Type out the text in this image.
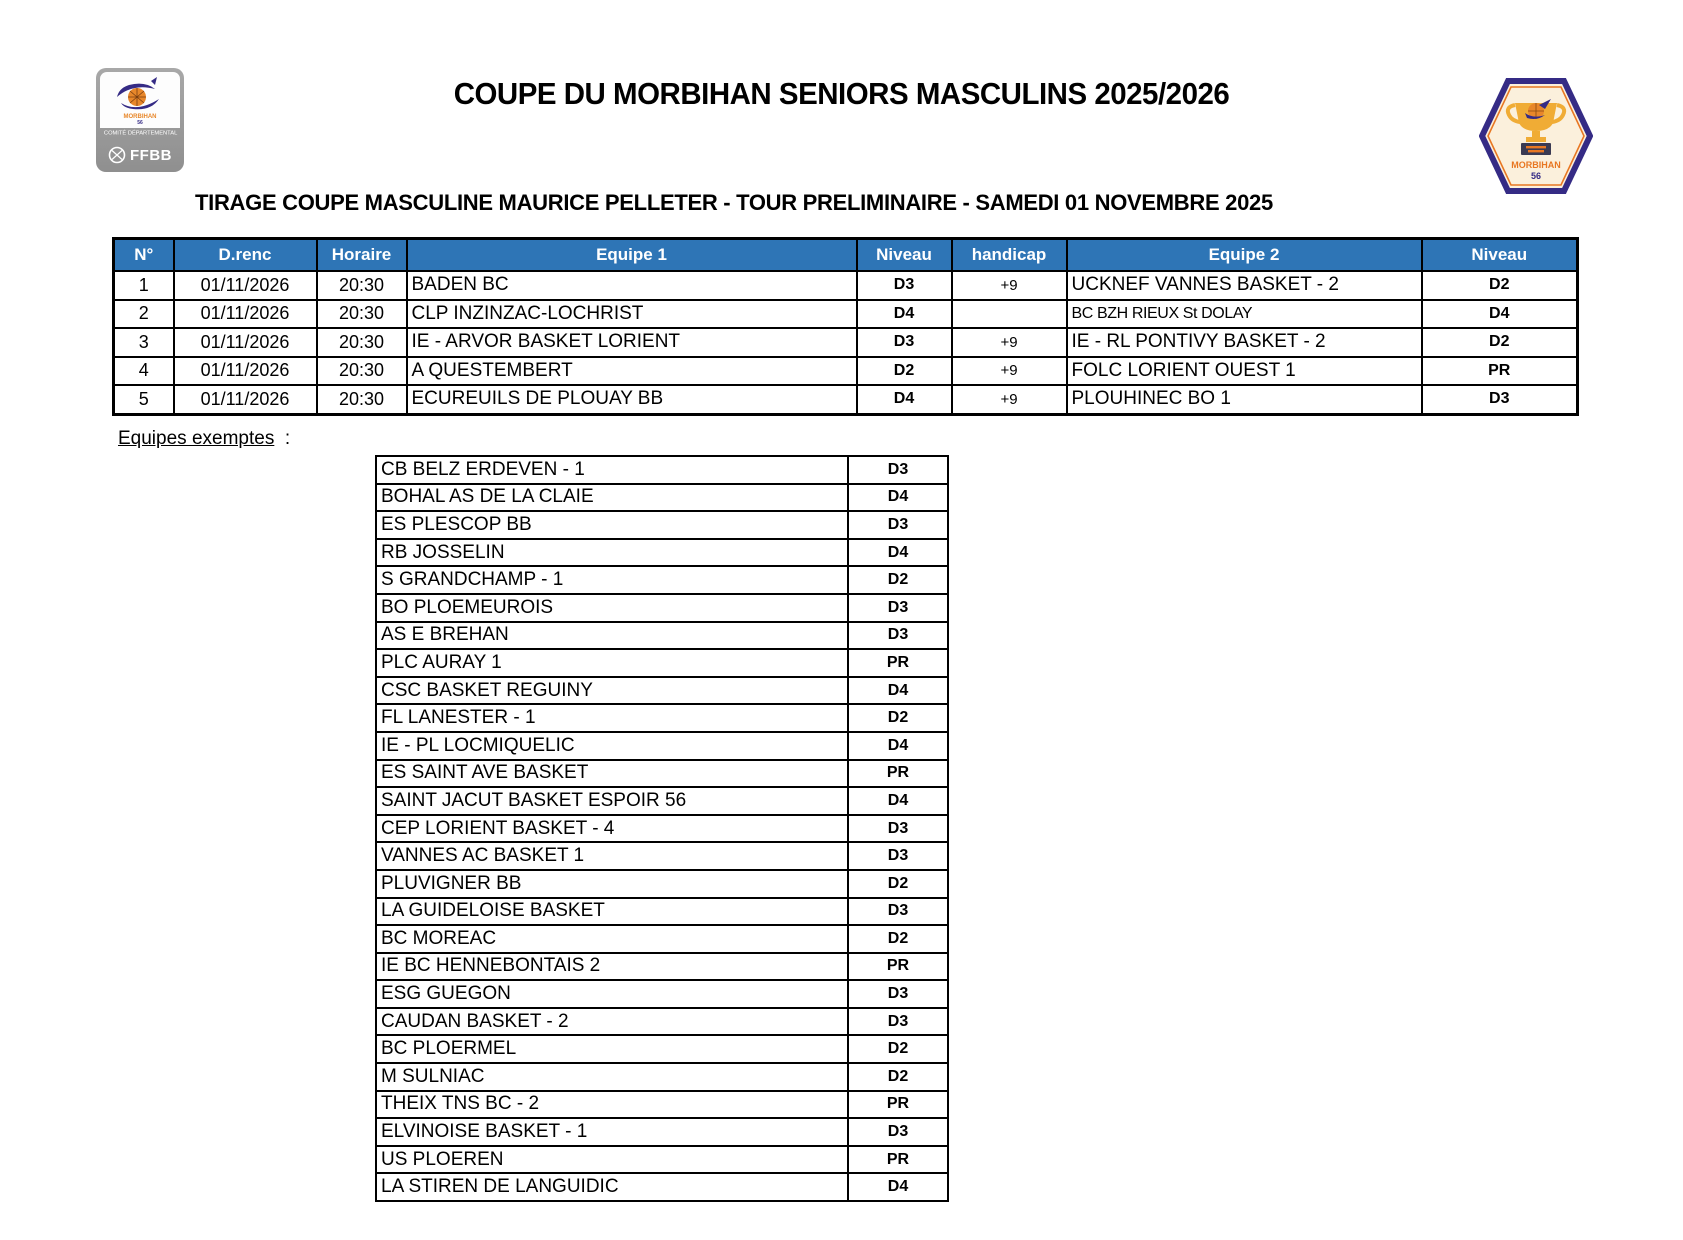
MORBIHAN
56
COMITÉ DÉPARTEMENTAL
FFBB
COUPE DU MORBIHAN SENIORS MASCULINS 2025/2026
MORBIHAN
56
TIRAGE COUPE MASCULINE MAURICE PELLETER - TOUR PRELIMINAIRE - SAMEDI 01 NOVEMBRE 2025
N°	D.renc	Horaire	Equipe 1	Niveau	handicap	Equipe 2	Niveau
1	01/11/2026	20:30	BADEN BC	D3	+9	UCKNEF VANNES BASKET - 2	D2
2	01/11/2026	20:30	CLP INZINZAC-LOCHRIST	D4		BC BZH RIEUX St DOLAY	D4
3	01/11/2026	20:30	IE - ARVOR BASKET LORIENT	D3	+9	IE - RL PONTIVY BASKET - 2	D2
4	01/11/2026	20:30	A QUESTEMBERT	D2	+9	FOLC LORIENT OUEST 1	PR
5	01/11/2026	20:30	ECUREUILS DE PLOUAY BB	D4	+9	PLOUHINEC BO 1	D3
Equipes exemptes :
CB BELZ ERDEVEN - 1	D3
BOHAL AS DE LA CLAIE	D4
ES PLESCOP BB	D3
RB JOSSELIN	D4
S GRANDCHAMP - 1	D2
BO PLOEMEUROIS	D3
AS E BREHAN	D3
PLC AURAY 1	PR
CSC BASKET REGUINY	D4
FL LANESTER - 1	D2
IE - PL LOCMIQUELIC	D4
ES SAINT AVE BASKET	PR
SAINT JACUT BASKET ESPOIR 56	D4
CEP LORIENT BASKET - 4	D3
VANNES AC BASKET 1	D3
PLUVIGNER BB	D2
LA GUIDELOISE BASKET	D3
BC MOREAC	D2
IE BC HENNEBONTAIS 2	PR
ESG GUEGON	D3
CAUDAN BASKET - 2	D3
BC PLOERMEL	D2
M SULNIAC	D2
THEIX TNS BC - 2	PR
ELVINOISE BASKET - 1	D3
US PLOEREN	PR
LA STIREN DE LANGUIDIC	D4
